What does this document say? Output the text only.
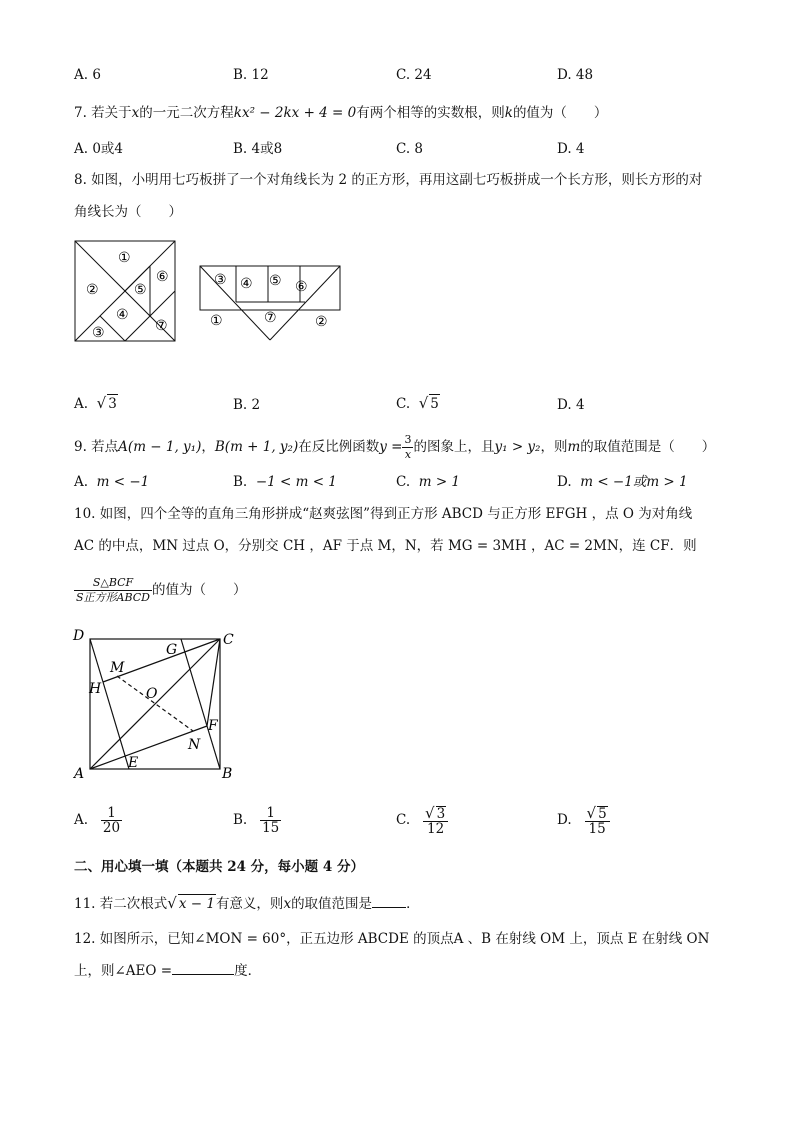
A. 6	B. 12	C. 24	D. 48
7. 若关于x的一元二次方程kx² − 2kx + 4 = 0有两个相等的实数根，则k的值为（　　）
A. 0或4	B. 4或8	C. 8	D. 4
8. 如图，小明用七巧板拼了一个对角线长为 2 的正方形，再用这副七巧板拼成一个长方形，则长方形的对
角线长为（　　）
①
②
③
④
⑤
⑥
⑦
③ ④ ⑤ ⑥
①	⑦	②
A. √ 3	B. 2	C. √ 5	D. 4
9. 若点A(m − 1, y₁)，B(m + 1, y₂)在反比例函数$y = \frac{3}{x}$ 的图象上，且y₁ > y₂，则m的取值范围是（　　）
A. m < −1	B. −1 < m < 1	C. m > 1	D. m < −1或m > 1
10. 如图，四个全等的直角三角形拼成“赵爽弦图”得到正方形 ABCD 与正方形 EFGH ，点 O 为对角线
AC 的中点，MN 过点 O，分别交 CH ，AF 于点 M，N，若 MG = 3MH ，AC = 2MN，连 CF．则
$\frac{\text{S△BCF}}{\text{S正方形ABCD}}$ 的值为（　　）
D	C
A	B
G
M
H	O
F
N
E
A. $\frac{1}{20}$	B. $\frac{1}{15}$	C. $\frac{√ 3}{12}$	D. $\frac{√ 5}{15}$
二、用心填一填（本题共 24 分，每小题 4 分）
11. 若二次根式√ x − 1有意义，则x的取值范围是	．
12. 如图所示，已知∠MON = 60°，正五边形 ABCDE 的顶点A 、B 在射线 OM 上，顶点 E 在射线 ON
上，则∠AEO =	度．
